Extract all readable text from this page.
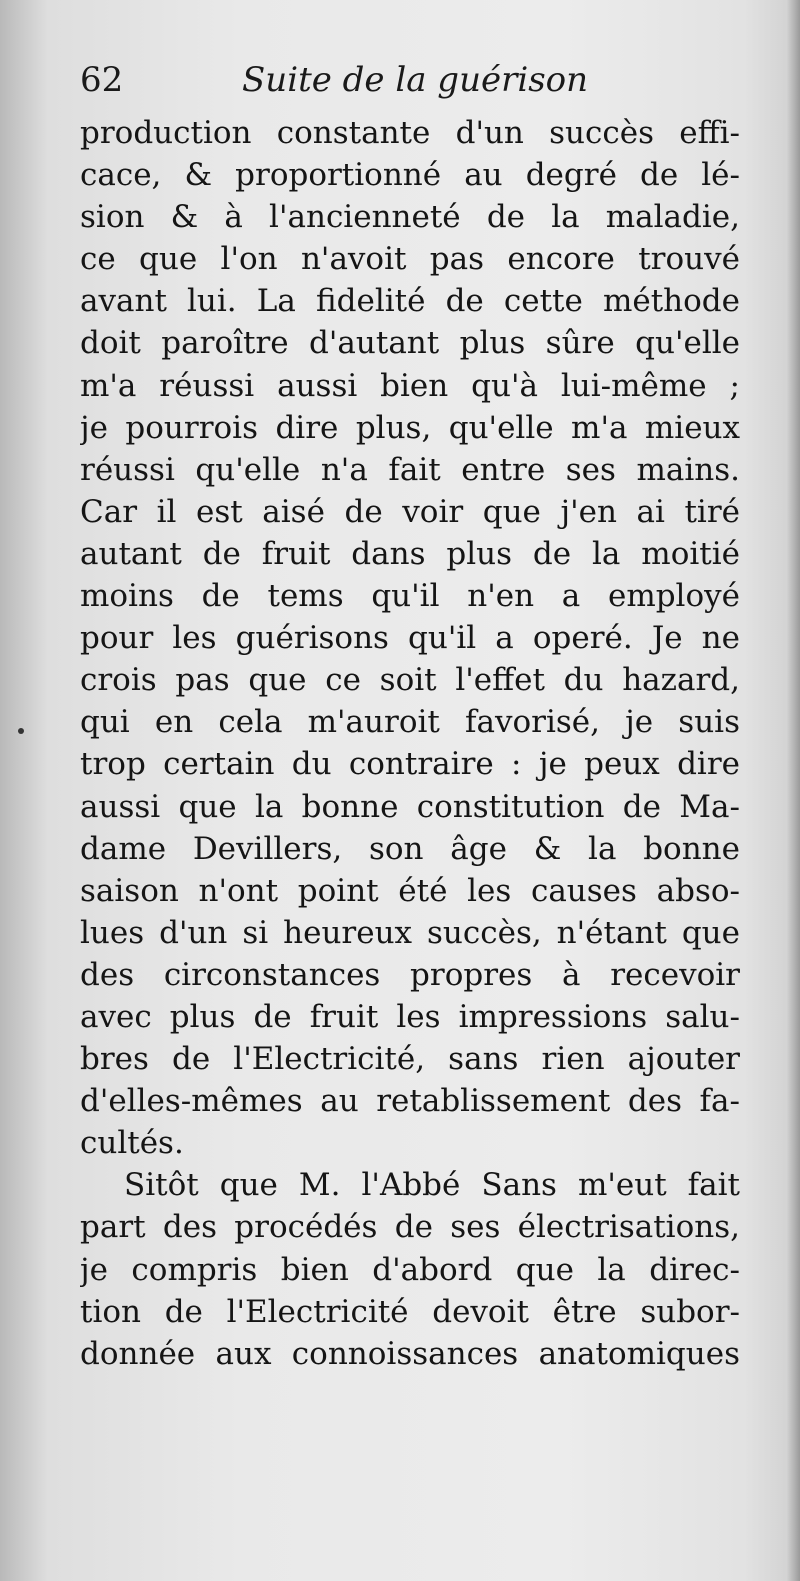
62	Suite de la guérison
production constante d'un succès effi-
cace, & proportionné au degré de lé-
sion & à l'ancienneté de la maladie,
ce que l'on n'avoit pas encore trouvé
avant lui. La fidelité de cette méthode
doit paroître d'autant plus sûre qu'elle
m'a réussi aussi bien qu'à lui-même ;
je pourrois dire plus, qu'elle m'a mieux
réussi qu'elle n'a fait entre ses mains.
Car il est aisé de voir que j'en ai tiré
autant de fruit dans plus de la moitié
moins de tems qu'il n'en a employé
pour les guérisons qu'il a operé. Je ne
crois pas que ce soit l'effet du hazard,
qui en cela m'auroit favorisé, je suis
trop certain du contraire : je peux dire
aussi que la bonne constitution de Ma-
dame Devillers, son âge & la bonne
saison n'ont point été les causes abso-
lues d'un si heureux succès, n'étant que
des circonstances propres à recevoir
avec plus de fruit les impressions salu-
bres de l'Electricité, sans rien ajouter
d'elles-mêmes au retablissement des fa-
cultés.
Sitôt que M. l'Abbé Sans m'eut fait
part des procédés de ses électrisations,
je compris bien d'abord que la direc-
tion de l'Electricité devoit être subor-
donnée aux connoissances anatomiques
